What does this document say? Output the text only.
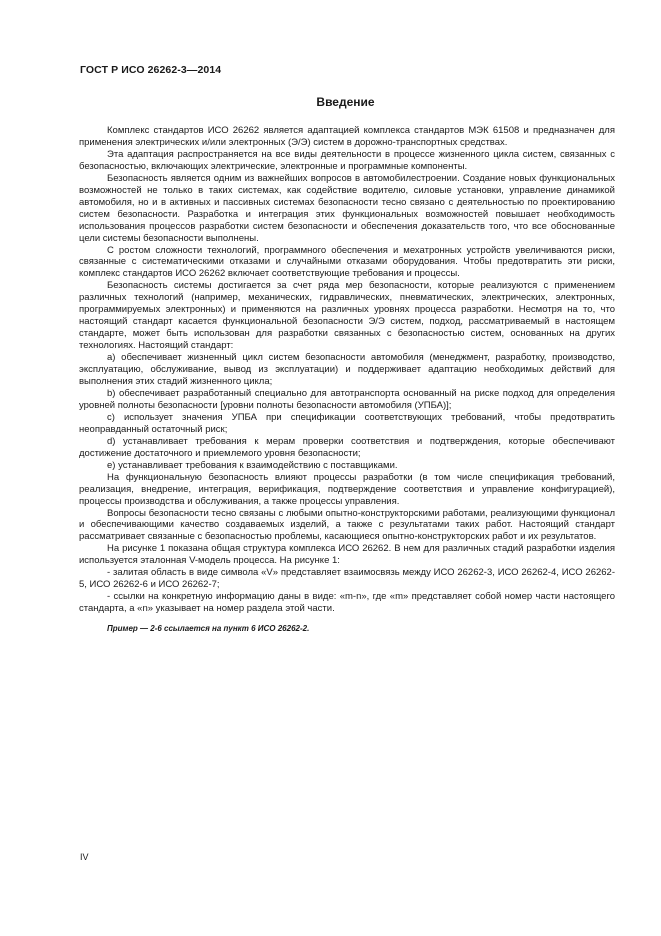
ГОСТ Р ИСО 26262-3—2014
Введение

Комплекс стандартов ИСО 26262 является адаптацией комплекса стандартов МЭК 61508 и предназначен для применения электрических и/или электронных (Э/Э) систем в дорожно-транспортных средствах.

Эта адаптация распространяется на все виды деятельности в процессе жизненного цикла систем, связанных с безопасностью, включающих электрические, электронные и программные компоненты.

Безопасность является одним из важнейших вопросов в автомобилестроении. Создание новых функциональных возможностей не только в таких системах, как содействие водителю, силовые установки, управление динамикой автомобиля, но и в активных и пассивных системах безопасности тесно связано с деятельностью по проектированию систем безопасности. Разработка и интеграция этих функциональных возможностей повышает необходимость использования процессов разработки систем безопасности и обеспечения доказательств того, что все обоснованные цели системы безопасности выполнены.

С ростом сложности технологий, программного обеспечения и мехатронных устройств увеличиваются риски, связанные с систематическими отказами и случайными отказами оборудования. Чтобы предотвратить эти риски, комплекс стандартов ИСО 26262 включает соответствующие требования и процессы.

Безопасность системы достигается за счет ряда мер безопасности, которые реализуются с применением различных технологий (например, механических, гидравлических, пневматических, электрических, электронных, программируемых электронных) и применяются на различных уровнях процесса разработки. Несмотря на то, что настоящий стандарт касается функциональной безопасности Э/Э систем, подход, рассматриваемый в настоящем стандарте, может быть использован для разработки связанных с безопасностью систем, основанных на других технологиях. Настоящий стандарт:

a) обеспечивает жизненный цикл систем безопасности автомобиля (менеджмент, разработку, производство, эксплуатацию, обслуживание, вывод из эксплуатации) и поддерживает адаптацию необходимых действий для выполнения этих стадий жизненного цикла;

b) обеспечивает разработанный специально для автотранспорта основанный на риске подход для определения уровней полноты безопасности [уровни полноты безопасности автомобиля (УПБА)];

c) использует значения УПБА при спецификации соответствующих требований, чтобы предотвратить неоправданный остаточный риск;

d) устанавливает требования к мерам проверки соответствия и подтверждения, которые обеспечивают достижение достаточного и приемлемого уровня безопасности;

e) устанавливает требования к взаимодействию с поставщиками.

На функциональную безопасность влияют процессы разработки (в том числе спецификация требований, реализация, внедрение, интеграция, верификация, подтверждение соответствия и управление конфигурацией), процессы производства и обслуживания, а также процессы управления.

Вопросы безопасности тесно связаны с любыми опытно-конструкторскими работами, реализующими функционал и обеспечивающими качество создаваемых изделий, а также с результатами таких работ. Настоящий стандарт рассматривает связанные с безопасностью проблемы, касающиеся опытно-конструкторских работ и их результатов.

На рисунке 1 показана общая структура комплекса ИСО 26262. В нем для различных стадий разработки изделия используется эталонная V-модель процесса. На рисунке 1:

- залитая область в виде символа «V» представляет взаимосвязь между ИСО 26262-3, ИСО 26262-4, ИСО 26262-5, ИСО 26262-6 и ИСО 26262-7;

- ссылки на конкретную информацию даны в виде: «m-n», где «m» представляет собой номер части настоящего стандарта, а «n» указывает на номер раздела этой части.

Пример — 2-6 ссылается на пункт 6 ИСО 26262-2.

IV
